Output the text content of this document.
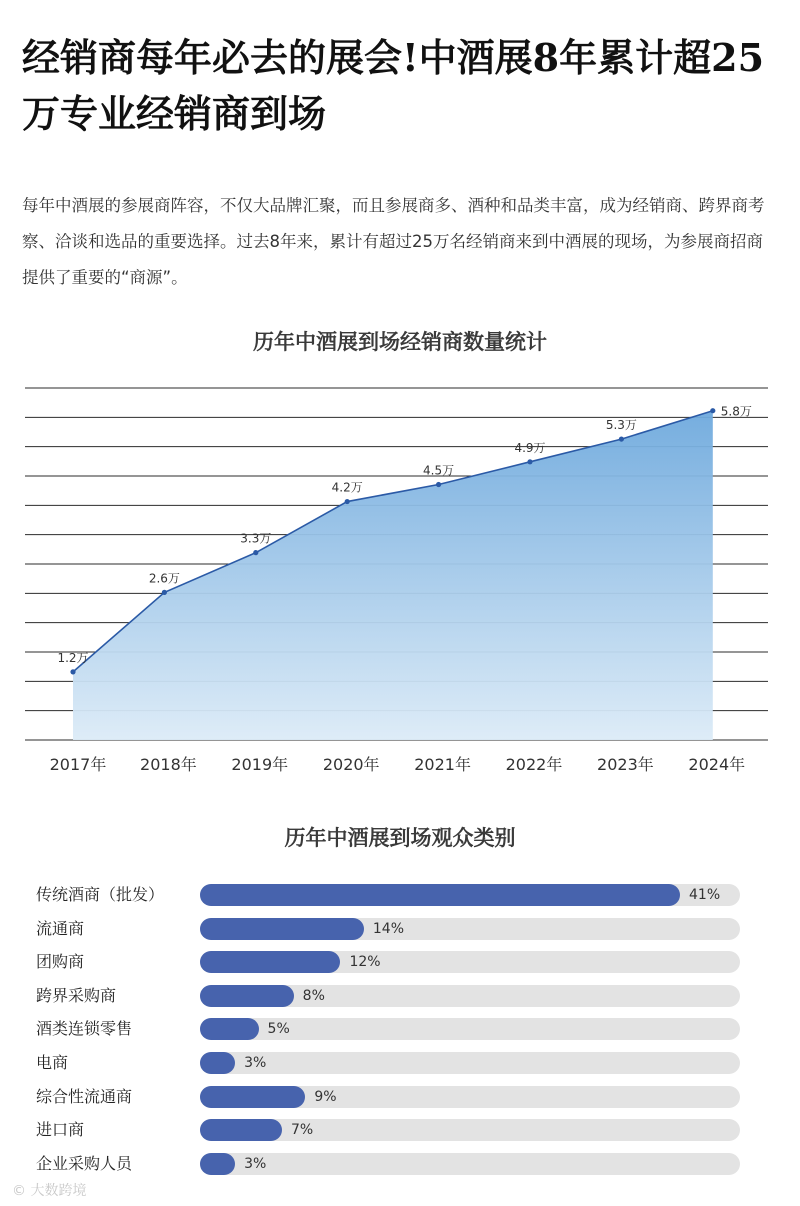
经销商每年必去的展会!中酒展8年累计超25万专业经销商到场

每年中酒展的参展商阵容，不仅大品牌汇聚，而且参展商多、酒种和品类丰富，成为经销商、跨界商考察、洽谈和选品的重要选择。过去8年来，累计有超过25万名经销商来到中酒展的现场，为参展商招商提供了重要的“商源”。

历年中酒展到场经销商数量统计
1.2万
2.6万
3.3万
4.2万
4.5万
4.9万
5.3万
5.8万
2017年 2018年 2019年 2020年 2021年 2022年 2023年 2024年
历年中酒展到场观众类别
传统酒商（批发）	41%
流通商	14%
团购商	12%
跨界采购商	8%
酒类连锁零售	5%
电商	3%
综合性流通商	9%
进口商	7%
企业采购人员	3%
© 大数跨境
